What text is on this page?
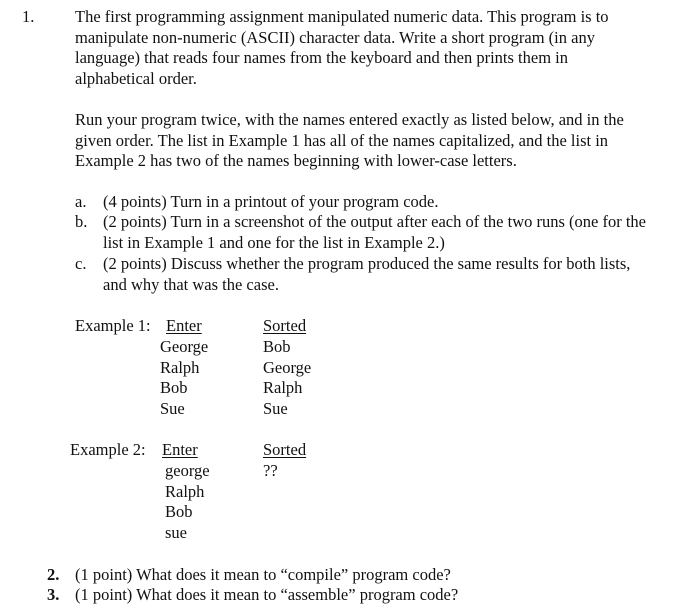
1. The first programming assignment manipulated numeric data. This program is to
manipulate non-numeric (ASCII) character data. Write a short program (in any
language) that reads four names from the keyboard and then prints them in
alphabetical order.
Run your program twice, with the names entered exactly as listed below, and in the
given order. The list in Example 1 has all of the names capitalized, and the list in
Example 2 has two of the names beginning with lower-case letters.
a. (4 points) Turn in a printout of your program code.
b. (2 points) Turn in a screenshot of the output after each of the two runs (one for the
list in Example 1 and one for the list in Example 2.)
c. (2 points) Discuss whether the program produced the same results for both lists,
and why that was the case.
Example 1: Enter	Sorted
George
Ralph
Bob
Sue
Bob
George
Ralph
Sue
Example 2: Enter	Sorted
george
Ralph
Bob
sue
??
2. (1 point) What does it mean to “compile” program code?
3. (1 point) What does it mean to “assemble” program code?
